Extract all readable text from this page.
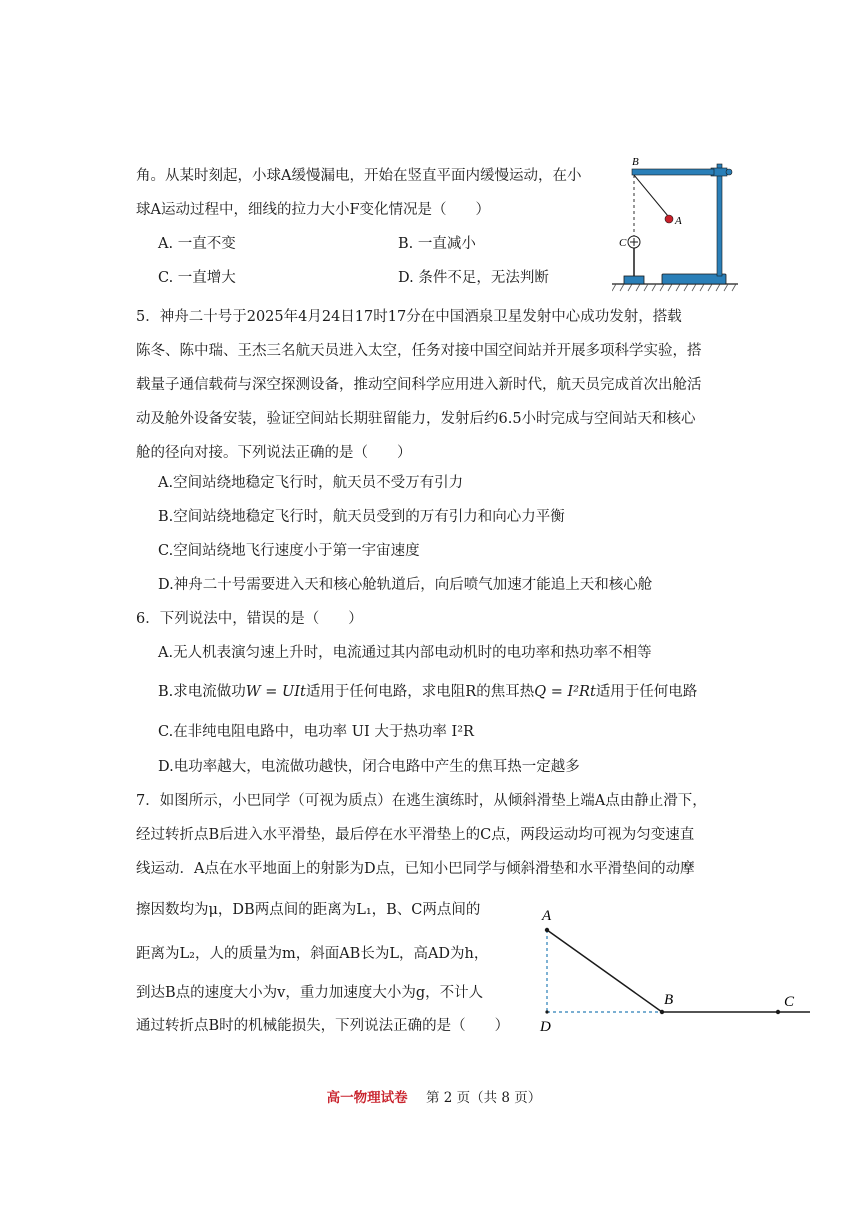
角。从某时刻起，小球A缓慢漏电，开始在竖直平面内缓慢运动，在小
球A运动过程中，细线的拉力大小F变化情况是（　　）
A. 一直不变	B. 一直减小
C. 一直增大	D. 条件不足，无法判断
B
A
C
5．神舟二十号于2025年4月24日17时17分在中国酒泉卫星发射中心成功发射，搭载
陈冬、陈中瑞、王杰三名航天员进入太空，任务对接中国空间站并开展多项科学实验，搭
载量子通信载荷与深空探测设备，推动空间科学应用进入新时代，航天员完成首次出舱活
动及舱外设备安装，验证空间站长期驻留能力，发射后约6.5小时完成与空间站天和核心
舱的径向对接。下列说法正确的是（　　）
A.空间站绕地稳定飞行时，航天员不受万有引力
B.空间站绕地稳定飞行时，航天员受到的万有引力和向心力平衡
C.空间站绕地飞行速度小于第一宇宙速度
D.神舟二十号需要进入天和核心舱轨道后，向后喷气加速才能追上天和核心舱
6．下列说法中，错误的是（　　）
A.无人机表演匀速上升时，电流通过其内部电动机时的电功率和热功率不相等
B.求电流做功W = UIt适用于任何电路，求电阻R的焦耳热Q = I²Rt适用于任何电路
C.在非纯电阻电路中，电功率 UI 大于热功率 I²R
D.电功率越大，电流做功越快，闭合电路中产生的焦耳热一定越多
7．如图所示，小巴同学（可视为质点）在逃生演练时，从倾斜滑垫上端A点由静止滑下，
经过转折点B后进入水平滑垫，最后停在水平滑垫上的C点，两段运动均可视为匀变速直
线运动．A点在水平地面上的射影为D点，已知小巴同学与倾斜滑垫和水平滑垫间的动摩
擦因数均为μ，DB两点间的距离为L₁，B、C两点间的
距离为L₂，人的质量为m，斜面AB长为L，高AD为h，
到达B点的速度大小为v，重力加速度大小为g，不计人
通过转折点B时的机械能损失，下列说法正确的是（　　）
A
B	C
D
高一物理试卷 第 2 页（共 8 页）
